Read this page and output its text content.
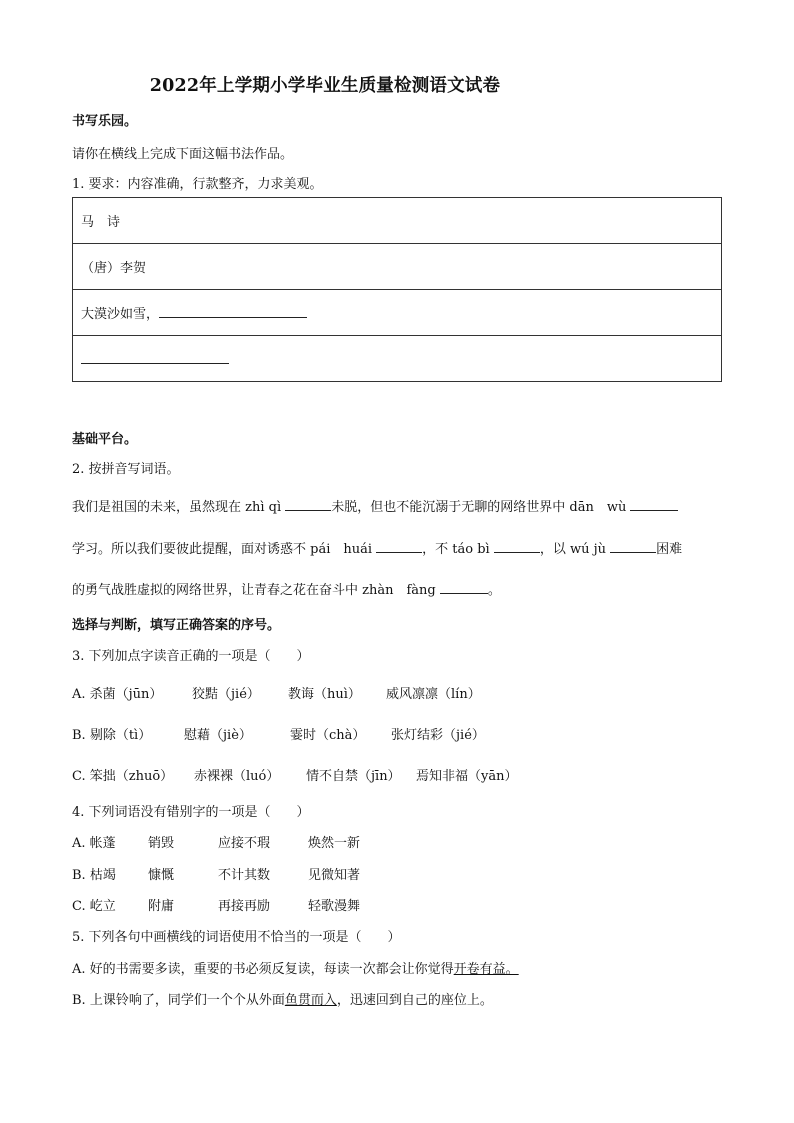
2022年上学期小学毕业生质量检测语文试卷
书写乐园。
请你在横线上完成下面这幅书法作品。
1. 要求：内容准确，行款整齐，力求美观。
马　诗
（唐）李贺
大漠沙如雪，

基础平台。
2. 按拼音写词语。
我们是祖国的未来，虽然现在 zhì qì	未脱，但也不能沉溺于无聊的网络世界中 dān　wù
学习。所以我们要彼此提醒，面对诱惑不 pái　huái	，不 táo bì	，以 wú jù	困难
的勇气战胜虚拟的网络世界，让青春之花在奋斗中 zhàn　fàng	。
选择与判断，填写正确答案的序号。
3. 下列加点字读音正确的一项是（　　）
A. 杀菌（jūn） 狡黠（jié） 教诲（huì） 威风凛凛（lín）
B. 剔除（tì）	慰藉（jiè）	霎时（chà） 张灯结彩（jié）
C. 笨拙（zhuō） 赤裸裸（luó） 情不自禁（jīn） 焉知非福（yān）
4. 下列词语没有错别字的一项是（　　）
A. 帐蓬 销毁	应接不瑕	焕然一新
B. 枯竭 慷慨	不计其数	见微知著
C. 屹立 附庸	再接再励	轻歌漫舞
5. 下列各句中画横线的词语使用不恰当的一项是（　　）
A. 好的书需要多读，重要的书必须反复读，每读一次都会让你觉得开卷有益。
B. 上课铃响了，同学们一个个从外面鱼贯而入，迅速回到自己的座位上。
